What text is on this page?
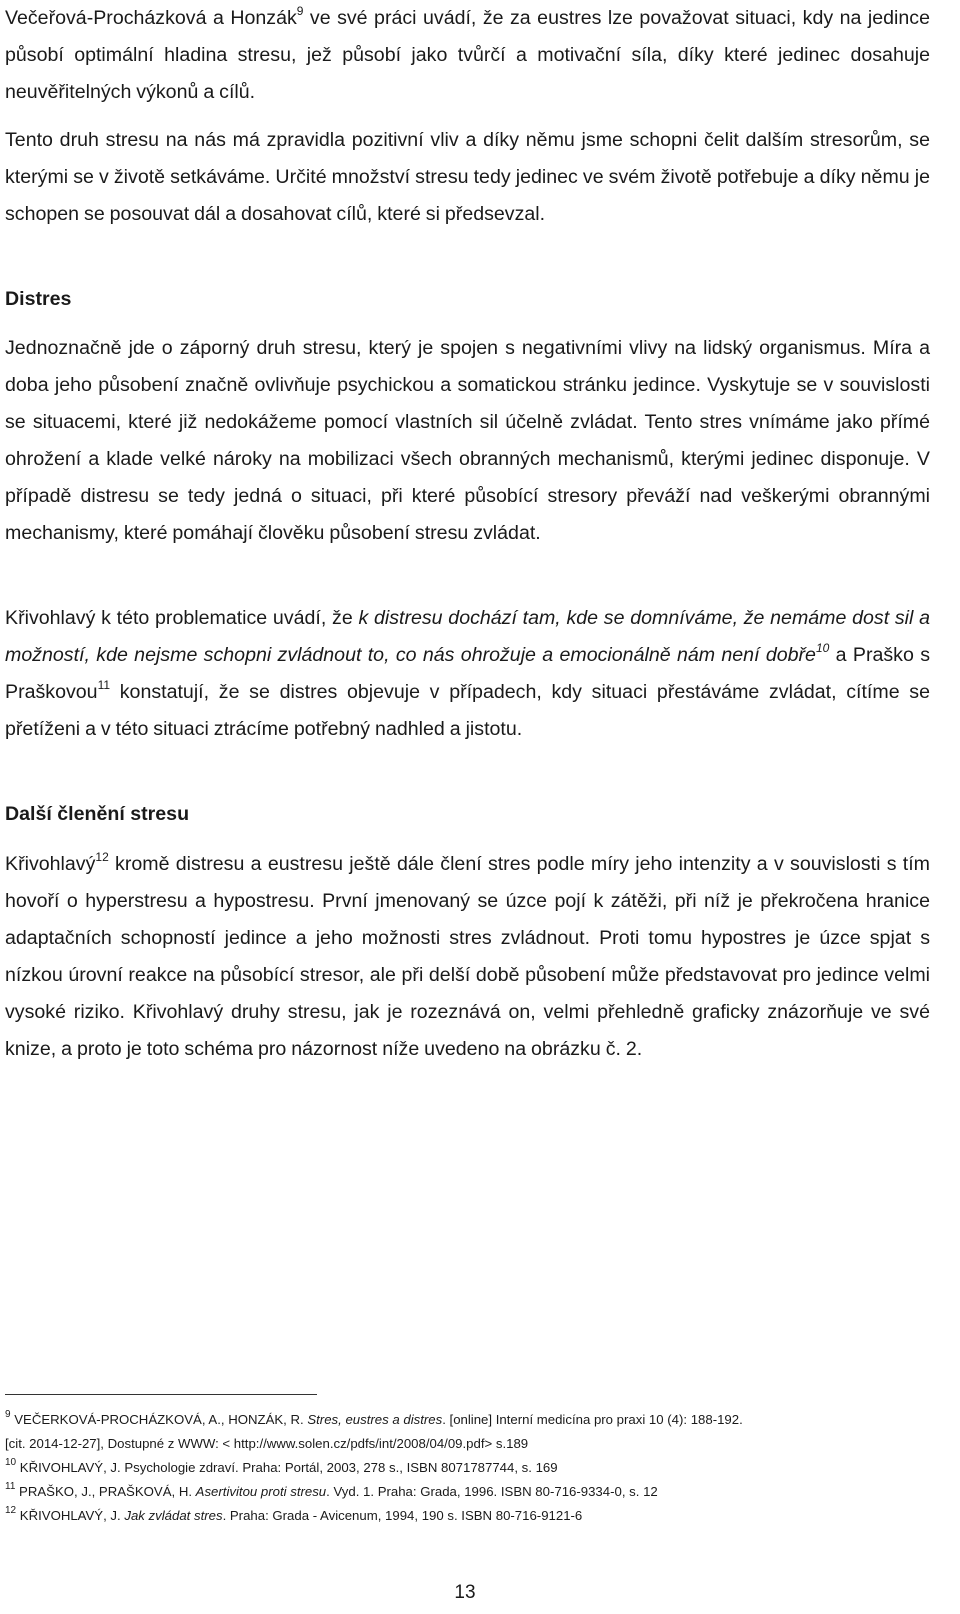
Večeřová-Procházková a Honzák$^9$ ve své práci uvádí, že za eustres lze považovat situaci, kdy na jedince působí optimální hladina stresu, jež působí jako tvůrčí a motivační síla, díky které jedinec dosahuje neuvěřitelných výkonů a cílů.

Tento druh stresu na nás má zpravidla pozitivní vliv a díky němu jsme schopni čelit dalším stresorům, se kterými se v životě setkáváme. Určité množství stresu tedy jedinec ve svém životě potřebuje a díky němu je schopen se posouvat dál a dosahovat cílů, které si předsevzal.

Distres

Jednoznačně jde o záporný druh stresu, který je spojen s negativními vlivy na lidský organismus. Míra a doba jeho působení značně ovlivňuje psychickou a somatickou stránku jedince. Vyskytuje se v souvislosti se situacemi, které již nedokážeme pomocí vlastních sil účelně zvládat. Tento stres vnímáme jako přímé ohrožení a klade velké nároky na mobilizaci všech obranných mechanismů, kterými jedinec disponuje. V případě distresu se tedy jedná o situaci, při které působící stresory převáží nad veškerými obrannými mechanismy, které pomáhají člověku působení stresu zvládat.

Křivohlavý k této problematice uvádí, že k distresu dochází tam, kde se domníváme, že nemáme dost sil a možností, kde nejsme schopni zvládnout to, co nás ohrožuje a emocionálně nám není dobře$^{10}$ a Praško s Praškovou$^{11}$ konstatují, že se distres objevuje v případech, kdy situaci přestáváme zvládat, cítíme se přetíženi a v této situaci ztrácíme potřebný nadhled a jistotu.

Další členění stresu

Křivohlavý$^{12}$ kromě distresu a eustresu ještě dále člení stres podle míry jeho intenzity a v souvislosti s tím hovoří o hyperstresu a hypostresu. První jmenovaný se úzce pojí k zátěži, při níž je překročena hranice adaptačních schopností jedince a jeho možnosti stres zvládnout. Proti tomu hypostres je úzce spjat s nízkou úrovní reakce na působící stresor, ale při delší době působení může představovat pro jedince velmi vysoké riziko. Křivohlavý druhy stresu, jak je rozeznává on, velmi přehledně graficky znázorňuje ve své knize, a proto je toto schéma pro názornost níže uvedeno na obrázku č. 2.

$^9$ VEČERKOVÁ-PROCHÁZKOVÁ, A., HONZÁK, R. Stres, eustres a distres. [online] Interní medicína pro praxi 10 (4): 188-192.

[cit. 2014-12-27], Dostupné z WWW: < http://www.solen.cz/pdfs/int/2008/04/09.pdf> s.189

$^{10}$ KŘIVOHLAVÝ, J. Psychologie zdraví. Praha: Portál, 2003, 278 s., ISBN 8071787744, s. 169

$^{11}$ PRAŠKO, J., PRAŠKOVÁ, H. Asertivitou proti stresu. Vyd. 1. Praha: Grada, 1996. ISBN 80-716-9334-0, s. 12

$^{12}$ KŘIVOHLAVÝ, J. Jak zvládat stres. Praha: Grada - Avicenum, 1994, 190 s. ISBN 80-716-9121-6

13
